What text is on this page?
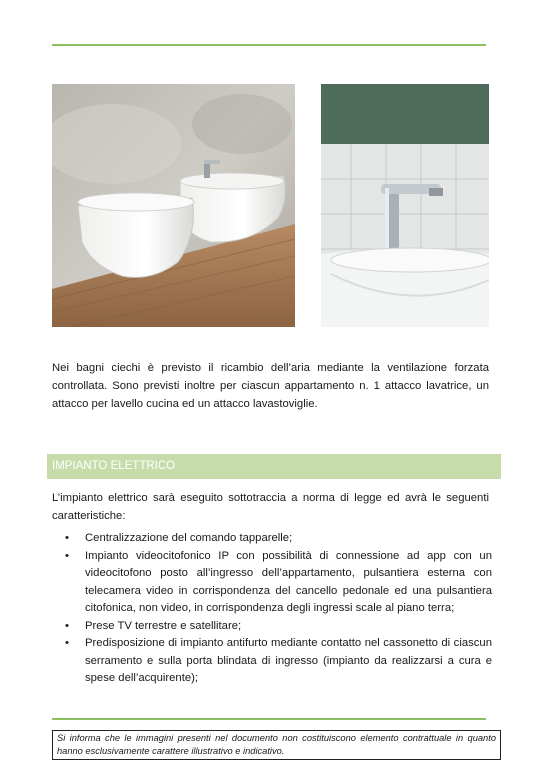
Nei bagni ciechi è previsto il ricambio dell’aria mediante la ventilazione forzata controllata. Sono previsti inoltre per ciascun appartamento n. 1 attacco lavatrice, un attacco per lavello cucina ed un attacco lavastoviglie.

IMPIANTO ELETTRICO

L’impianto elettrico sarà eseguito sottotraccia a norma di legge ed avrà le seguenti caratteristiche:

• Centralizzazione del comando tapparelle;
• Impianto videocitofonico IP con possibilità di connessione ad app con un videocitofono posto all’ingresso dell’appartamento, pulsantiera esterna con telecamera video in corrispondenza del cancello pedonale ed una pulsantiera citofonica, non video, in corrispondenza degli ingressi scale al piano terra;
• Prese TV terrestre e satellitare;
• Predisposizione di impianto antifurto mediante contatto nel cassonetto di ciascun serramento e sulla porta blindata di ingresso (impianto da realizzarsi a cura e spese dell’acquirente);
Si informa che le immagini presenti nel documento non costituiscono elemento contrattuale in quanto hanno esclusivamente carattere illustrativo e indicativo.
